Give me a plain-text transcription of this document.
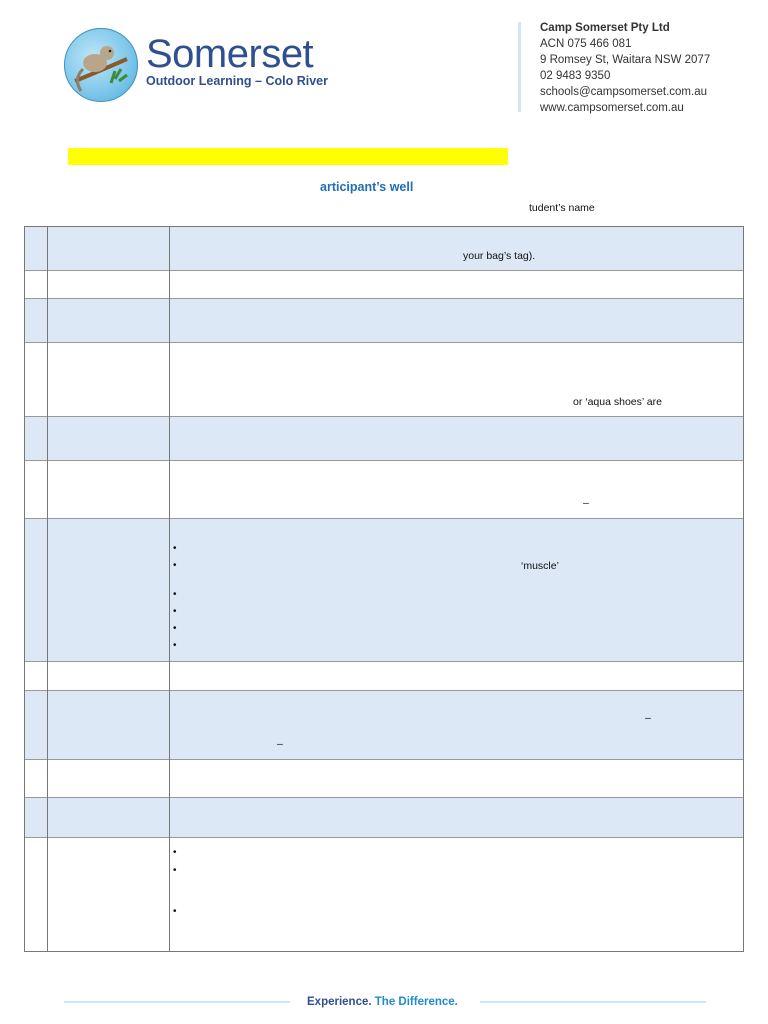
Somerset
Outdoor Learning – Colo River
Camp Somerset Pty Ltd
ACN 075 466 081
9 Romsey St, Waitara NSW 2077
02 9483 9350
schools@campsomerset.com.au
www.campsomerset.com.au
articipant’s well
tudent’s name
your bag’s tag).
or ‘aqua shoes’ are
–
•
•	‘muscle’
•
•
•
•
–
–
•
•
•
Experience. The Difference.
